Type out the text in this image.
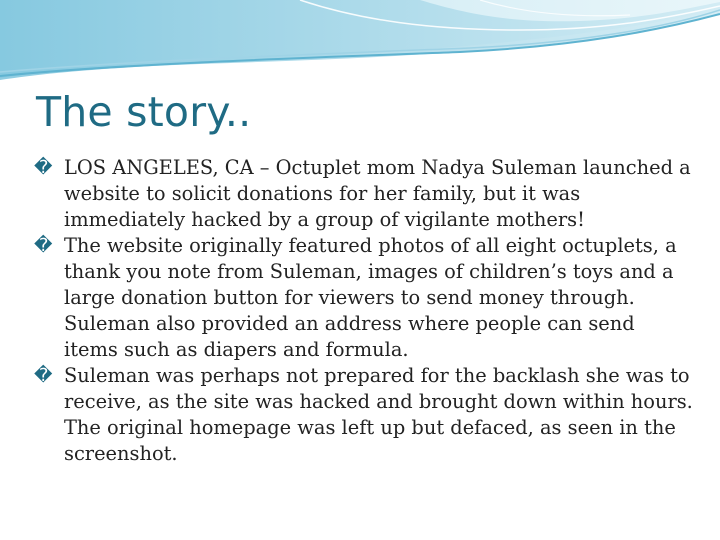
The story..

� LOS ANGELES, CA – Octuplet mom Nadya Suleman launched a website to solicit donations for her family, but it was immediately hacked by a group of vigilante mothers!

� The website originally featured photos of all eight octuplets, a thank you note from Suleman, images of children’s toys and a large donation button for viewers to send money through. Suleman also provided an address where people can send items such as diapers and formula.

� Suleman was perhaps not prepared for the backlash she was to receive, as the site was hacked and brought down within hours. The original homepage was left up but defaced, as seen in the screenshot.
